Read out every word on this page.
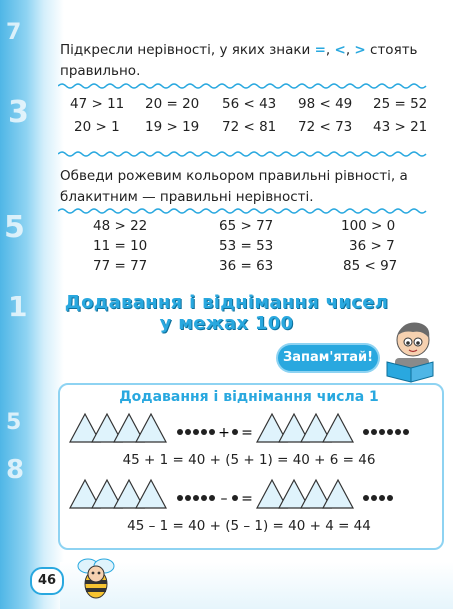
7
3
5
1
5
8
Підкресли нерівності, у яких знаки =, <, > стоять правильно.
47 > 11 20 = 20 56 < 43 98 < 49 25 = 52
20 > 1 19 > 19 72 < 81 72 < 73 43 > 21
Обведи рожевим кольором правильні рівності, а блакитним — правильні нерівності.
48 > 22
11 = 10
77 = 77
65 > 77
53 = 53
36 = 63
100 > 0
36 > 7
85 < 97
Додавання і віднімання чисел
у межах 100
Запам'ятай!
Додавання і віднімання числа 1
+ =
45 + 1 = 40 + (5 + 1) = 40 + 6 = 46
– =
45 – 1 = 40 + (5 – 1) = 40 + 4 = 44
46
